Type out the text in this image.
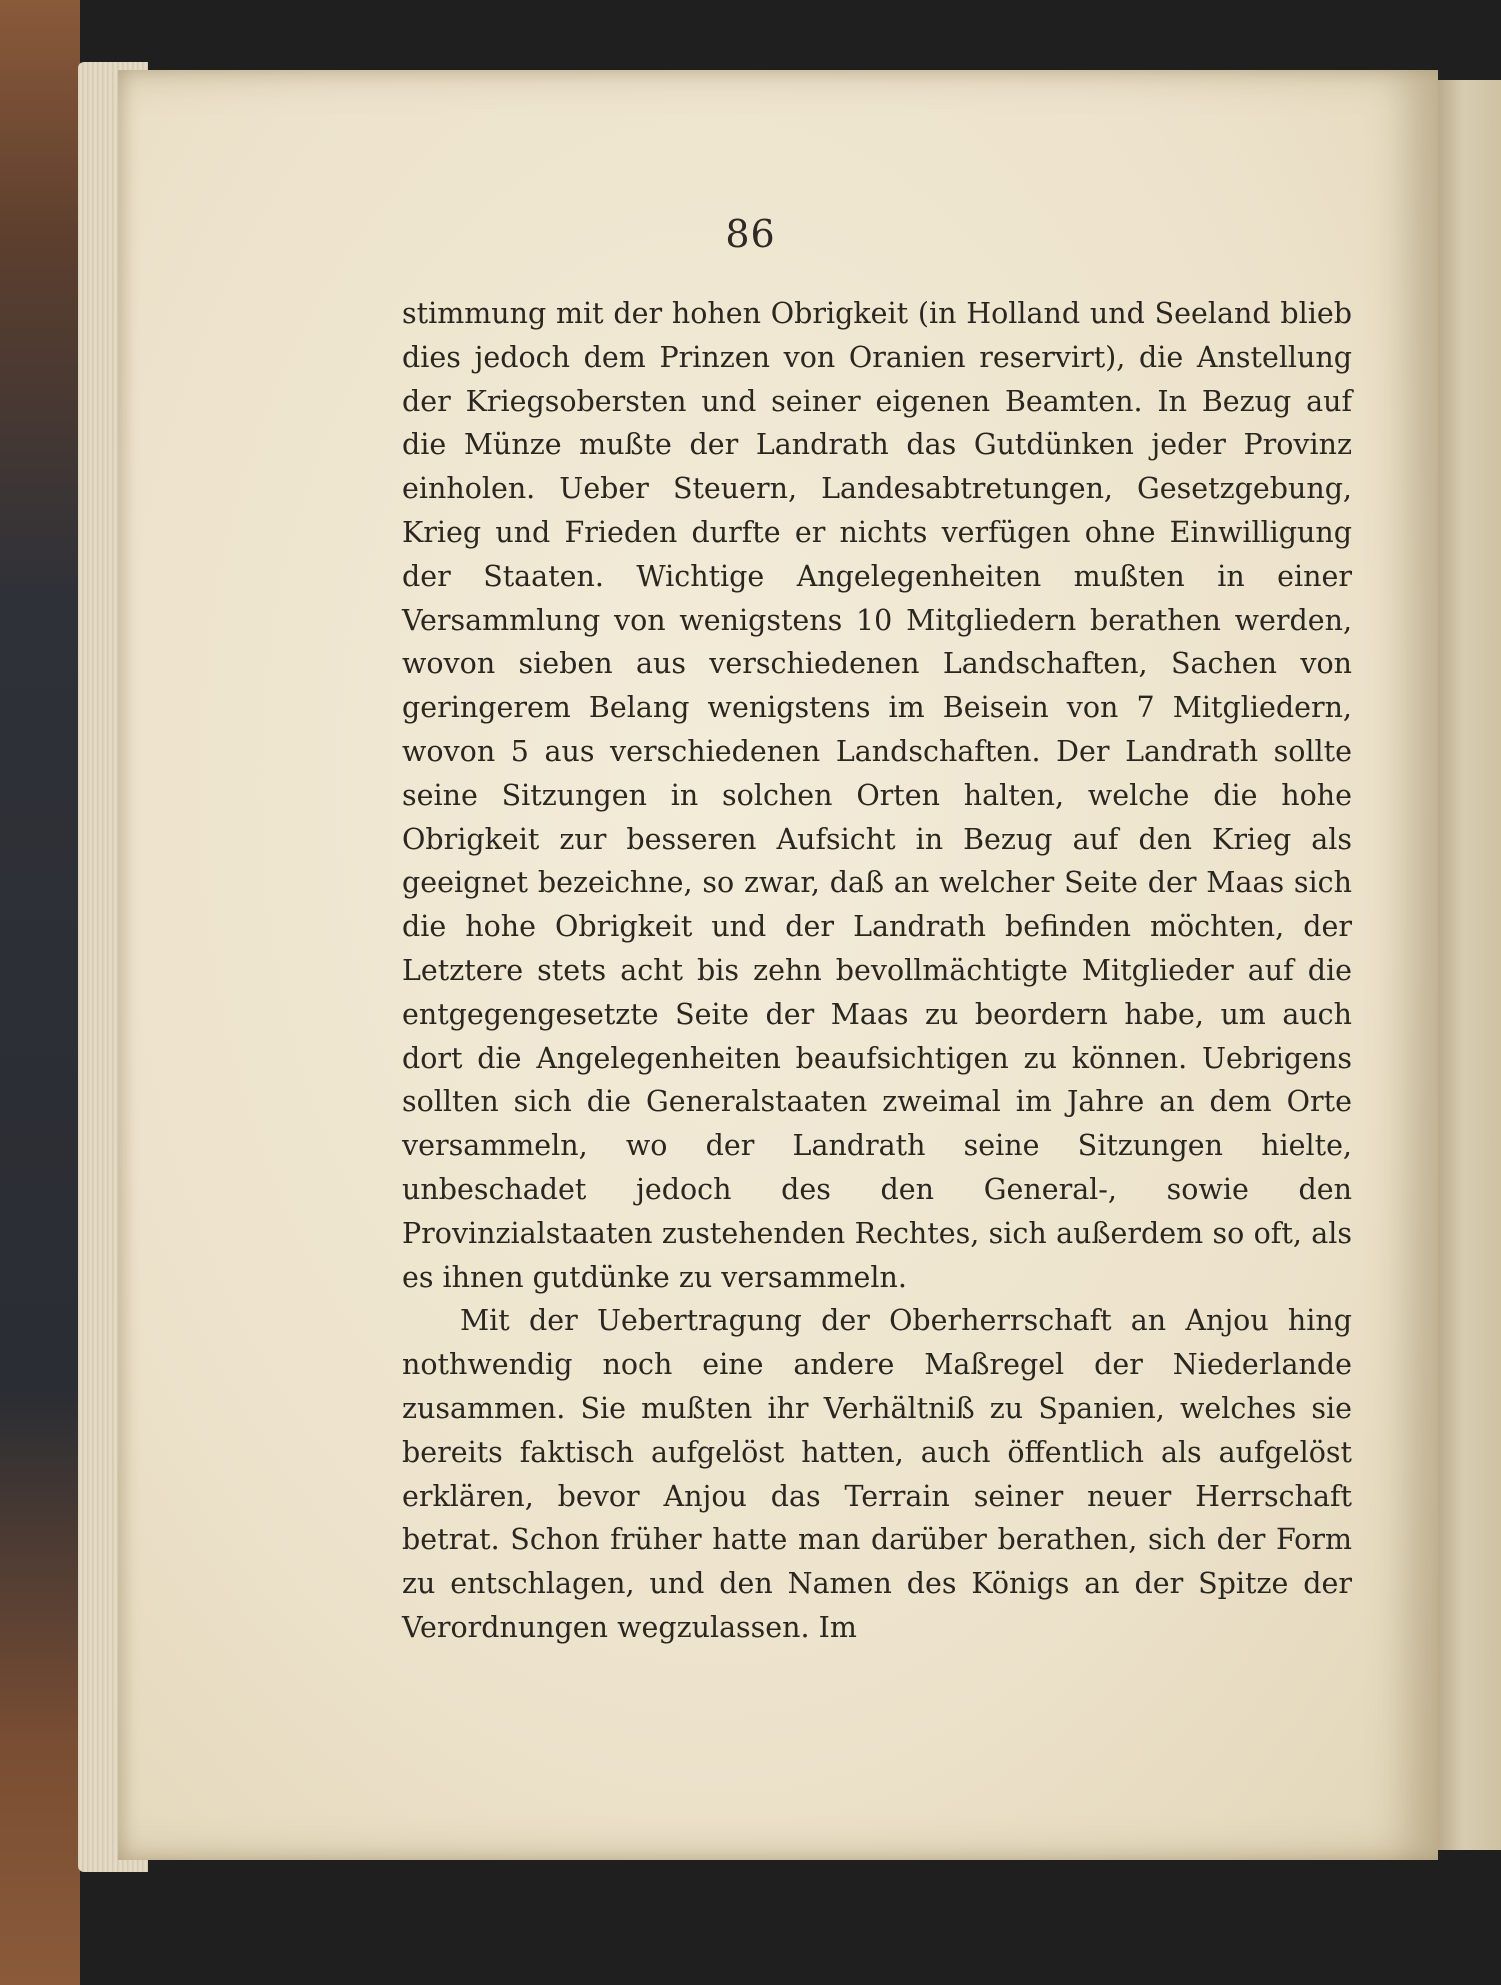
86

stimmung mit der hohen Obrigkeit (in Holland und Seeland blieb dies jedoch dem Prinzen von Oranien reservirt), die Anstellung der Kriegsobersten und seiner eigenen Beamten. In Bezug auf die Münze mußte der Landrath das Gutdünken jeder Provinz einholen. Ueber Steuern, Landesabtretungen, Gesetzgebung, Krieg und Frieden durfte er nichts verfügen ohne Einwilligung der Staaten. Wichtige Angelegenheiten mußten in einer Versammlung von wenigstens 10 Mitgliedern berathen werden, wovon sieben aus verschiedenen Landschaften, Sachen von geringerem Belang wenigstens im Beisein von 7 Mitgliedern, wovon 5 aus verschiedenen Landschaften. Der Landrath sollte seine Sitzungen in solchen Orten halten, welche die hohe Obrigkeit zur besseren Aufsicht in Bezug auf den Krieg als geeignet bezeichne, so zwar, daß an welcher Seite der Maas sich die hohe Obrigkeit und der Landrath befinden möchten, der Letztere stets acht bis zehn bevollmächtigte Mitglieder auf die entgegengesetzte Seite der Maas zu beordern habe, um auch dort die Angelegenheiten beaufsichtigen zu können. Uebrigens sollten sich die Generalstaaten zweimal im Jahre an dem Orte versammeln, wo der Landrath seine Sitzungen hielte, unbeschadet jedoch des den General-, sowie den Provinzialstaaten zustehenden Rechtes, sich außerdem so oft, als es ihnen gutdünke zu versammeln.

Mit der Uebertragung der Oberherrschaft an Anjou hing nothwendig noch eine andere Maßregel der Niederlande zusammen. Sie mußten ihr Verhältniß zu Spanien, welches sie bereits faktisch aufgelöst hatten, auch öffentlich als aufgelöst erklären, bevor Anjou das Terrain seiner neuer Herrschaft betrat. Schon früher hatte man darüber berathen, sich der Form zu entschlagen, und den Namen des Königs an der Spitze der Verordnungen wegzulassen. Im
